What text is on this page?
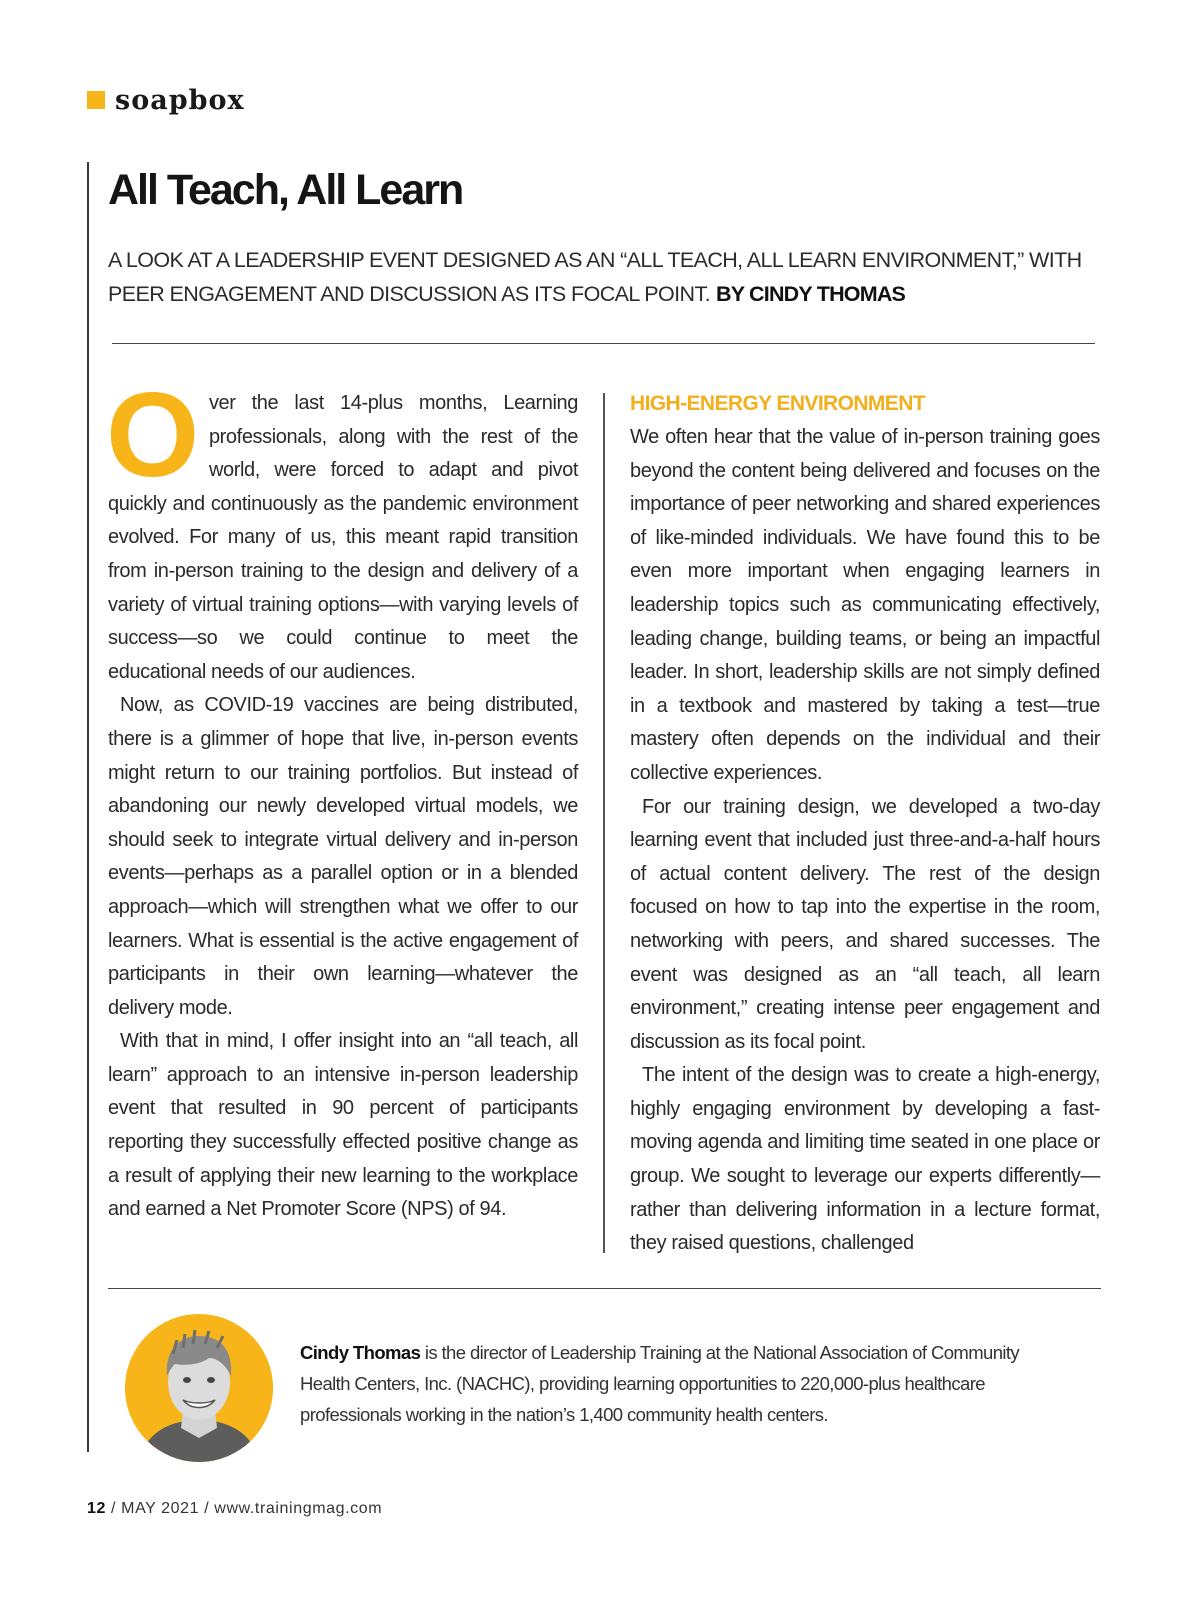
soapbox
All Teach, All Learn
A LOOK AT A LEADERSHIP EVENT DESIGNED AS AN “ALL TEACH, ALL LEARN ENVIRONMENT,” WITH PEER ENGAGEMENT AND DISCUSSION AS ITS FOCAL POINT. BY CINDY THOMAS

Over the last 14-plus months, Learning professionals, along with the rest of the world, were forced to adapt and pivot quickly and continuously as the pandemic environment evolved. For many of us, this meant rapid transition from in-person training to the design and delivery of a variety of virtual training options—with varying levels of success—so we could continue to meet the educational needs of our audiences.

Now, as COVID-19 vaccines are being distributed, there is a glimmer of hope that live, in-person events might return to our training portfolios. But instead of abandoning our newly developed virtual models, we should seek to integrate virtual delivery and in-person events—perhaps as a parallel option or in a blended approach—which will strengthen what we offer to our learners. What is essential is the active engagement of participants in their own learning—whatever the delivery mode.

With that in mind, I offer insight into an “all teach, all learn” approach to an intensive in-person leadership event that resulted in 90 percent of participants reporting they successfully effected positive change as a result of applying their new learning to the workplace and earned a Net Promoter Score (NPS) of 94.

HIGH-ENERGY ENVIRONMENT

We often hear that the value of in-person training goes beyond the content being delivered and focuses on the importance of peer networking and shared experiences of like-minded individuals. We have found this to be even more important when engaging learners in leadership topics such as communicating effectively, leading change, building teams, or being an impactful leader. In short, leadership skills are not simply defined in a textbook and mastered by taking a test—true mastery often depends on the individual and their collective experiences.

For our training design, we developed a two-day learning event that included just three-and-a-half hours of actual content delivery. The rest of the design focused on how to tap into the expertise in the room, networking with peers, and shared successes. The event was designed as an “all teach, all learn environment,” creating intense peer engagement and discussion as its focal point.

The intent of the design was to create a high-energy, highly engaging environment by developing a fast-moving agenda and limiting time seated in one place or group. We sought to leverage our experts differently—rather than delivering information in a lecture format, they raised questions, challenged

Cindy Thomas is the director of Leadership Training at the National Association of Community Health Centers, Inc. (NACHC), providing learning opportunities to 220,000-plus healthcare professionals working in the nation’s 1,400 community health centers.
12 / MAY 2021 / www.trainingmag.com
